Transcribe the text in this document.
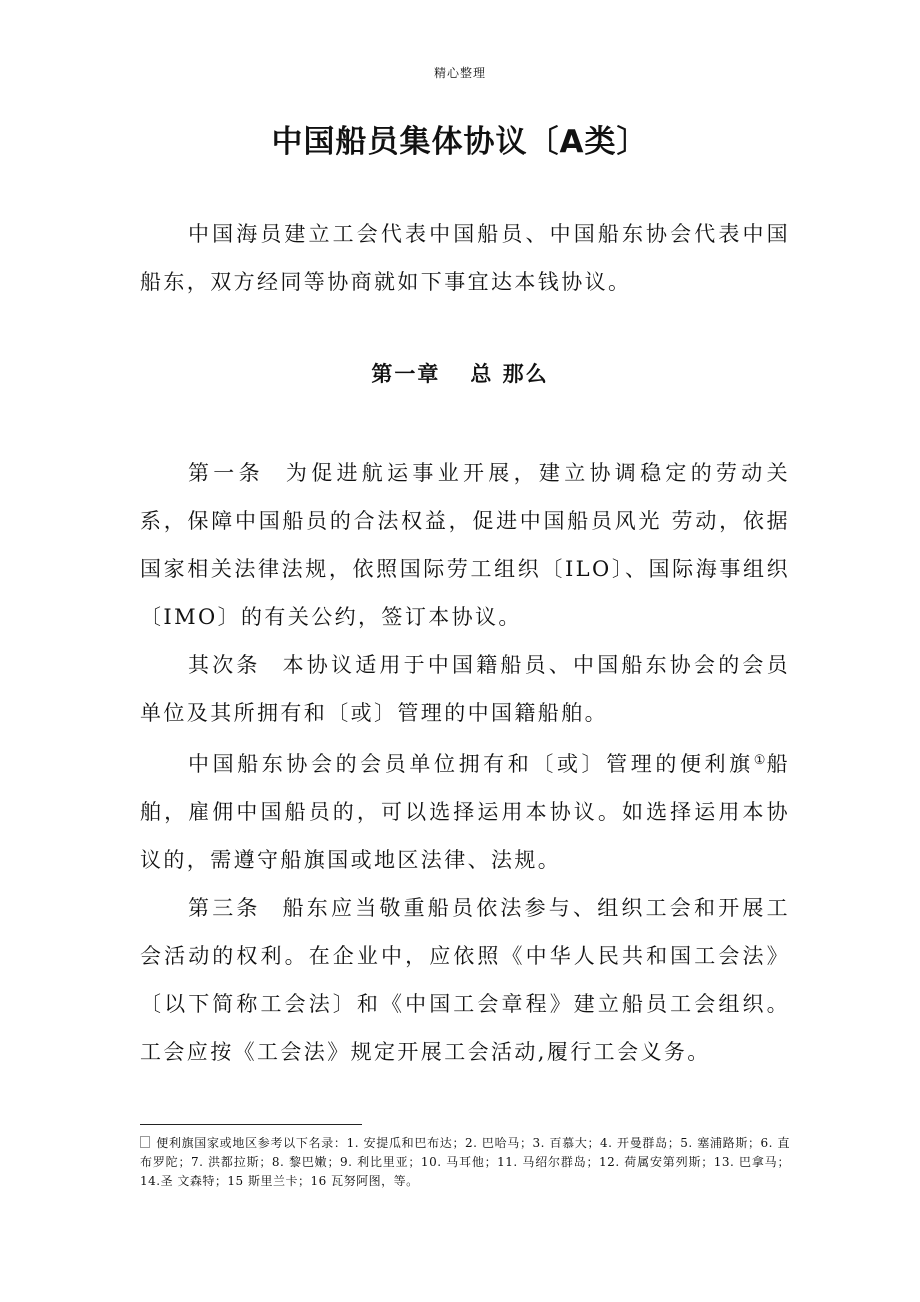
精心整理
中国船员集体协议〔A类〕

中国海员建立工会代表中国船员、中国船东协会代表中国船东，双方经同等协商就如下事宜达本钱协议。

第一章 总 那么

第一条 为促进航运事业开展，建立协调稳定的劳动关系，保障中国船员的合法权益，促进中国船员风光 劳动，依据国家相关法律法规，依照国际劳工组织〔ILO〕、国际海事组织〔IMO〕的有关公约，签订本协议。

其次条 本协议适用于中国籍船员、中国船东协会的会员单位及其所拥有和〔或〕管理的中国籍船舶。

中国船东协会的会员单位拥有和〔或〕管理的便利旗①船舶，雇佣中国船员的，可以选择运用本协议。如选择运用本协议的，需遵守船旗国或地区法律、法规。

第三条 船东应当敬重船员依法参与、组织工会和开展工会活动的权利。在企业中，应依照《中华人民共和国工会法》〔以下简称工会法〕和《中国工会章程》建立船员工会组织。工会应按《工会法》规定开展工会活动,履行工会义务。

便利旗国家或地区参考以下名录：1. 安提瓜和巴布达；2. 巴哈马；3. 百慕大；4. 开曼群岛；5. 塞浦路斯；6. 直布罗陀；7. 洪都拉斯；8. 黎巴嫩；9. 利比里亚；10. 马耳他；11. 马绍尔群岛；12. 荷属安第列斯；13. 巴拿马；14.圣 文森特；15 斯里兰卡；16 瓦努阿图，等。
